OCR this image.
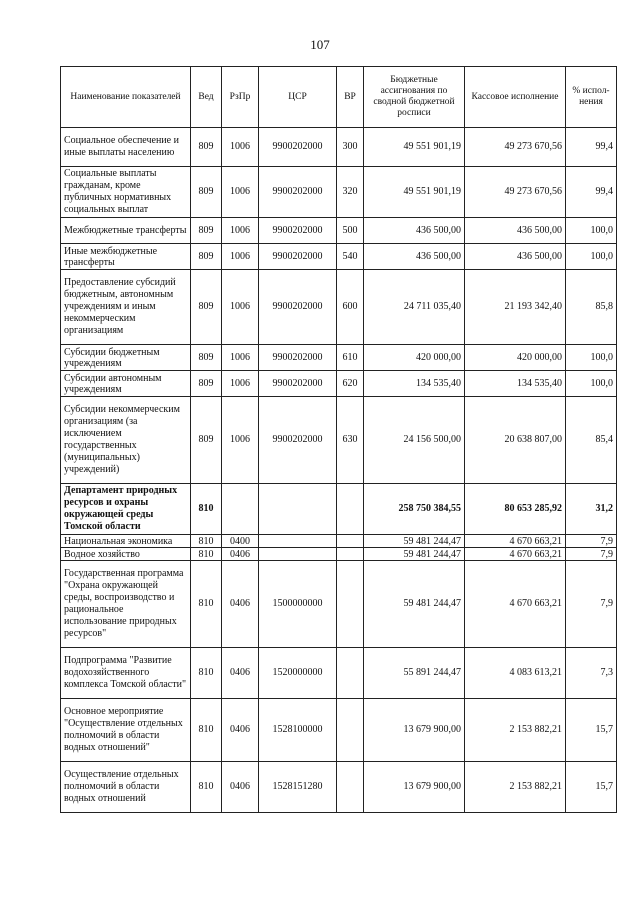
107
Наименование показателей	Вед	РзПр	ЦСР	ВР	Бюджетные ассигнования по сводной бюджетной росписи	Кассовое исполнение	% испол-нения
Социальное обеспечение и иные выплаты населению	809	1006	9900202000	300	49 551 901,19	49 273 670,56	99,4
Социальные выплаты гражданам, кроме публичных нормативных социальных выплат	809	1006	9900202000	320	49 551 901,19	49 273 670,56	99,4
Межбюджетные трансферты	809	1006	9900202000	500	436 500,00	436 500,00	100,0
Иные межбюджетные трансферты	809	1006	9900202000	540	436 500,00	436 500,00	100,0
Предоставление субсидий бюджетным, автономным учреждениям и иным некоммерческим организациям	809	1006	9900202000	600	24 711 035,40	21 193 342,40	85,8
Субсидии бюджетным учреждениям	809	1006	9900202000	610	420 000,00	420 000,00	100,0
Субсидии автономным учреждениям	809	1006	9900202000	620	134 535,40	134 535,40	100,0
Субсидии некоммерческим организациям (за исключением государственных (муниципальных) учреждений)	809	1006	9900202000	630	24 156 500,00	20 638 807,00	85,4
Департамент природных ресурсов и охраны окружающей среды Томской области	810				258 750 384,55	80 653 285,92	31,2
Национальная экономика	810	0400			59 481 244,47	4 670 663,21	7,9
Водное хозяйство	810	0406			59 481 244,47	4 670 663,21	7,9
Государственная программа "Охрана окружающей среды, воспроизводство и рациональное использование природных ресурсов"	810	0406	1500000000		59 481 244,47	4 670 663,21	7,9
Подпрограмма "Развитие водохозяйственного комплекса Томской области"	810	0406	1520000000		55 891 244,47	4 083 613,21	7,3
Основное мероприятие "Осуществление отдельных полномочий в области водных отношений"	810	0406	1528100000		13 679 900,00	2 153 882,21	15,7
Осуществление отдельных полномочий в области водных отношений	810	0406	1528151280		13 679 900,00	2 153 882,21	15,7
